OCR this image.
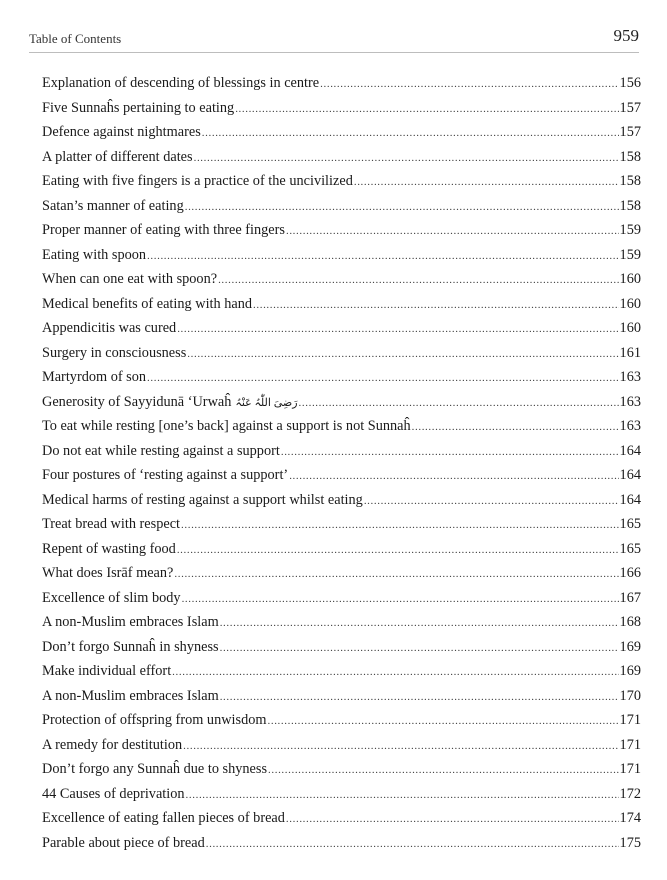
Table of Contents	959
Explanation of descending of blessings in centre .....	156
Five Sunnaĥs pertaining to eating .....	157
Defence against nightmares .....	157
A platter of different dates .....	158
Eating with five fingers is a practice of the uncivilized .....	158
Satan’s manner of eating .....	158
Proper manner of eating with three fingers .....	159
Eating with spoon .....	159
When can one eat with spoon? .....	160
Medical benefits of eating with hand .....	160
Appendicitis was cured .....	160
Surgery in consciousness .....	161
Martyrdom of son .....	163
Generosity of Sayyidunā ‘Urwaĥ رَضِیَ اللّٰہُ عَنْہُ .....	163
To eat while resting [one’s back] against a support is not Sunnaĥ .....	163
Do not eat while resting against a support .....	164
Four postures of ‘resting against a support’ .....	164
Medical harms of resting against a support whilst eating .....	164
Treat bread with respect .....	165
Repent of wasting food .....	165
What does Isrāf mean? .....	166
Excellence of slim body .....	167
A non-Muslim embraces Islam .....	168
Don’t forgo Sunnaĥ in shyness .....	169
Make individual effort .....	169
A non-Muslim embraces Islam .....	170
Protection of offspring from unwisdom .....	171
A remedy for destitution .....	171
Don’t forgo any Sunnaĥ due to shyness .....	171
44 Causes of deprivation .....	172
Excellence of eating fallen pieces of bread .....	174
Parable about piece of bread .....	175
